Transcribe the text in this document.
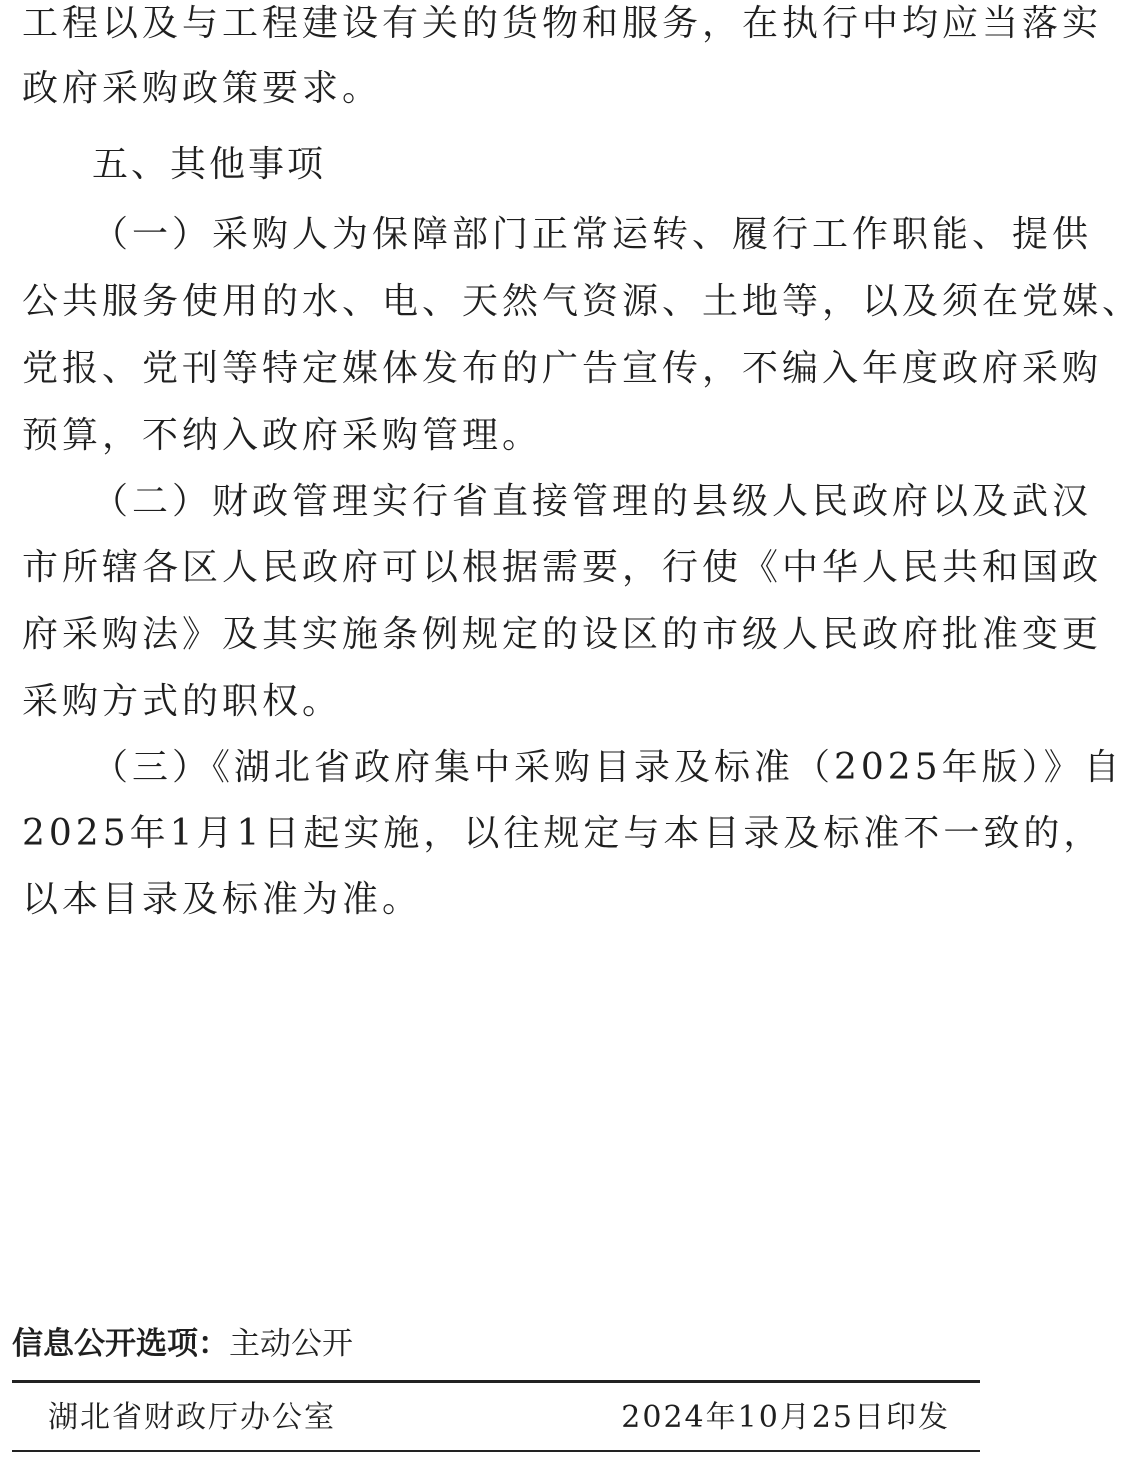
工程以及与工程建设有关的货物和服务，在执行中均应当落实
政府采购政策要求。
五、其他事项
（一）采购人为保障部门正常运转、履行工作职能、提供
公共服务使用的水、电、天然气资源、土地等，以及须在党媒、
党报、党刊等特定媒体发布的广告宣传，不编入年度政府采购
预算，不纳入政府采购管理。
（二）财政管理实行省直接管理的县级人民政府以及武汉
市所辖各区人民政府可以根据需要，行使《中华人民共和国政
府采购法》及其实施条例规定的设区的市级人民政府批准变更
采购方式的职权。
（三）《湖北省政府集中采购目录及标准（2025年版）》自
2025年1月1日起实施，以往规定与本目录及标准不一致的，
以本目录及标准为准。
信息公开选项：主动公开
湖北省财政厅办公室	2024年10月25日印发
